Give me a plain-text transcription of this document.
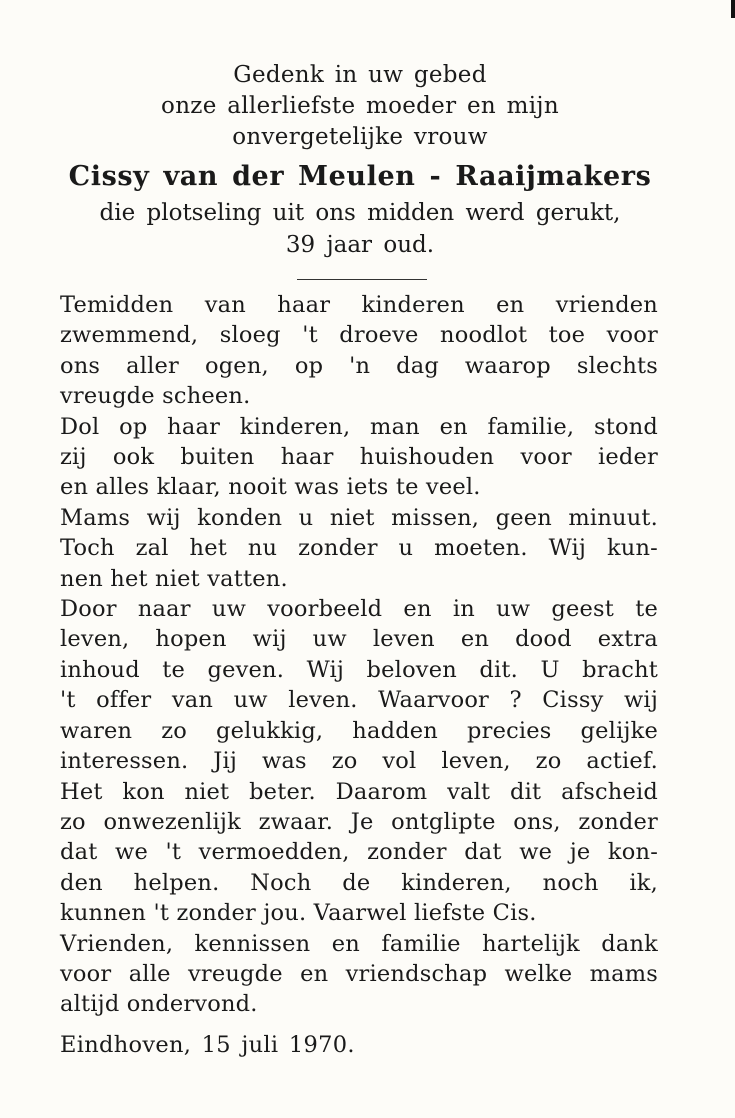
Gedenk in uw gebed
onze allerliefste moeder en mijn
onvergetelijke vrouw
Cissy van der Meulen - Raaijmakers
die plotseling uit ons midden werd gerukt,
39 jaar oud.
Temidden van haar kinderen en vrienden
zwemmend, sloeg 't droeve noodlot toe voor
ons aller ogen, op 'n dag waarop slechts
vreugde scheen.
Dol op haar kinderen, man en familie, stond
zij ook buiten haar huishouden voor ieder
en alles klaar, nooit was iets te veel.
Mams wij konden u niet missen, geen minuut.
Toch zal het nu zonder u moeten. Wij kun-
nen het niet vatten.
Door naar uw voorbeeld en in uw geest te
leven, hopen wij uw leven en dood extra
inhoud te geven. Wij beloven dit. U bracht
't offer van uw leven. Waarvoor ? Cissy wij
waren zo gelukkig, hadden precies gelijke
interessen. Jij was zo vol leven, zo actief.
Het kon niet beter. Daarom valt dit afscheid
zo onwezenlijk zwaar. Je ontglipte ons, zonder
dat we 't vermoedden, zonder dat we je kon-
den helpen. Noch de kinderen, noch ik,
kunnen 't zonder jou. Vaarwel liefste Cis.
Vrienden, kennissen en familie hartelijk dank
voor alle vreugde en vriendschap welke mams
altijd ondervond.
Eindhoven, 15 juli 1970.
